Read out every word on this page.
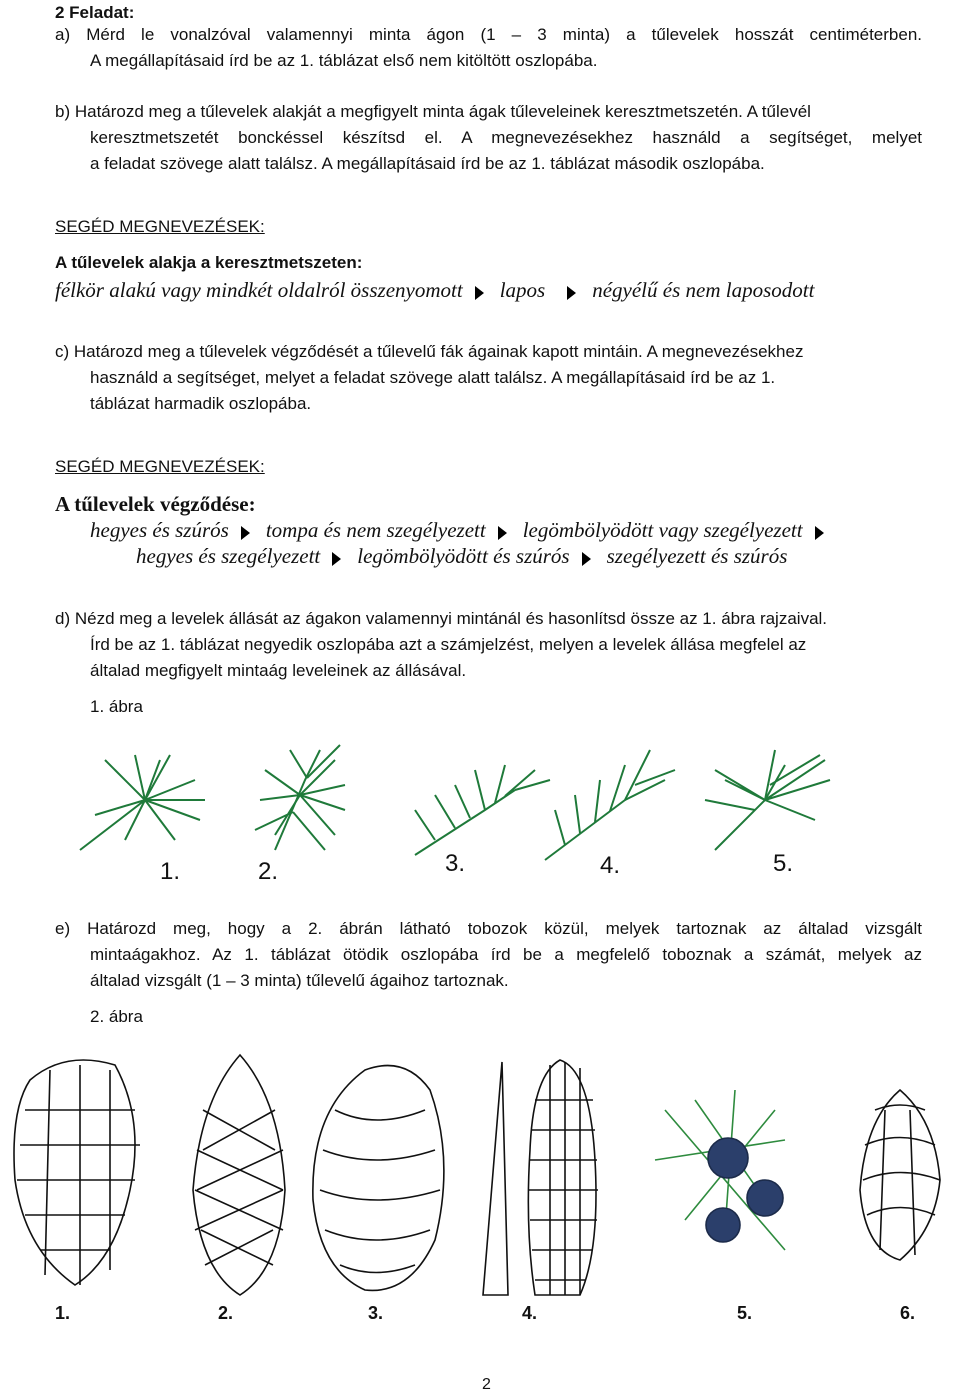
2 Feladat:
a) Mérd le vonalzóval valamennyi minta ágon (1 – 3 minta) a tűlevelek hosszát centiméterben.
A megállapításaid írd be az 1. táblázat első nem kitöltött oszlopába.
b) Határozd meg a tűlevelek alakját a megfigyelt minta ágak tűleveleinek keresztmetszetén. A tűlevél
keresztmetszetét bonckéssel készítsd el. A megnevezésekhez használd a segítséget, melyet
a feladat szövege alatt találsz. A megállapításaid írd be az 1. táblázat második oszlopába.
SEGÉD MEGNEVEZÉSEK:
A tűlevelek alakja a keresztmetszeten:
félkör alakú vagy mindkét oldalról összenyomott lapos négyélű és nem laposodott
c) Határozd meg a tűlevelek végződését a tűlevelű fák ágainak kapott mintáin. A megnevezésekhez
használd a segítséget, melyet a feladat szövege alatt találsz. A megállapításaid írd be az 1.
táblázat harmadik oszlopába.
SEGÉD MEGNEVEZÉSEK:
A tűlevelek végződése:
hegyes és szúrós tompa és nem szegélyezett legömbölyödött vagy szegélyezett
hegyes és szegélyezett legömbölyödött és szúrós szegélyezett és szúrós
d) Nézd meg a levelek állását az ágakon valamennyi mintánál és hasonlítsd össze az 1. ábra rajzaival.
Írd be az 1. táblázat negyedik oszlopába azt a számjelzést, melyen a levelek állása megfelel az
általad megfigyelt mintaág leveleinek az állásával.
1. ábra
1.	2.	3.	4.	5.
e) Határozd meg, hogy a 2. ábrán látható tobozok közül, melyek tartoznak az általad vizsgált
mintaágakhoz. Az 1. táblázat ötödik oszlopába írd be a megfelelő toboznak a számát, melyek az
általad vizsgált (1 – 3 minta) tűlevelű ágaihoz tartoznak.
2. ábra
1.	2.	3.	4.	5.	6.
2
